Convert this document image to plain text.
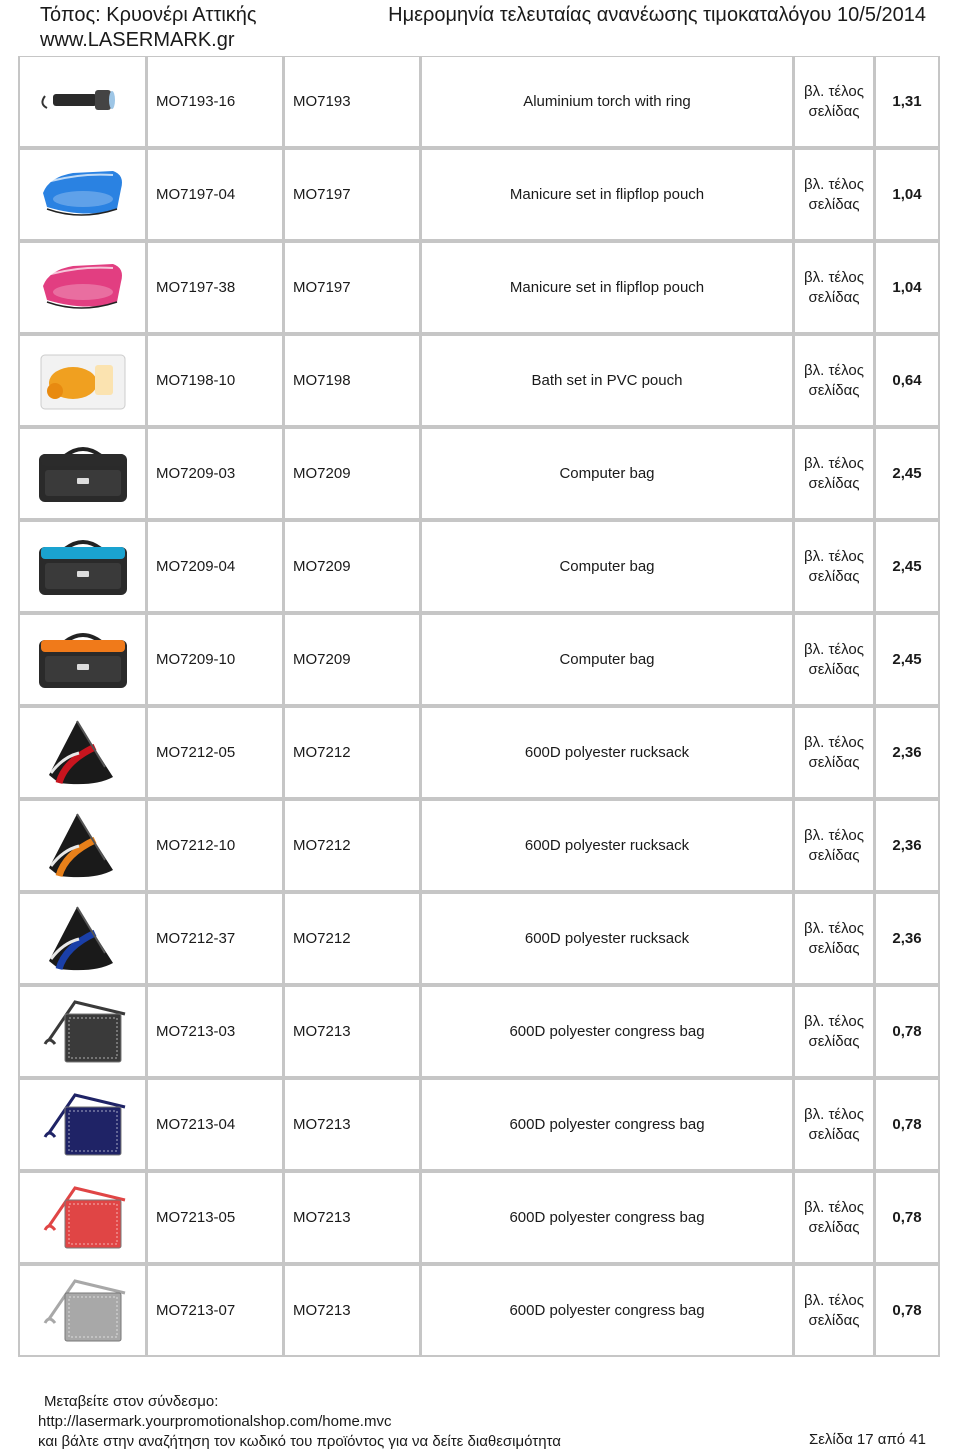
Τόπος: Κρυονέρι Αττικής
www.LASERMARK.gr
Ημερομηνία τελευταίας ανανέωσης τιμοκαταλόγου 10/5/2014
	MO7193-16	MO7193	Aluminium torch with ring	βλ. τέλος
σελίδας	1,31

	MO7197-04	MO7197	Manicure set in flipflop pouch	βλ. τέλος
σελίδας	1,04

	MO7197-38	MO7197	Manicure set in flipflop pouch	βλ. τέλος
σελίδας	1,04

	MO7198-10	MO7198	Bath set in PVC pouch	βλ. τέλος
σελίδας	0,64

	MO7209-03	MO7209	Computer bag	βλ. τέλος
σελίδας	2,45

	MO7209-04	MO7209	Computer bag	βλ. τέλος
σελίδας	2,45

	MO7209-10	MO7209	Computer bag	βλ. τέλος
σελίδας	2,45

	MO7212-05	MO7212	600D polyester rucksack	βλ. τέλος
σελίδας	2,36

	MO7212-10	MO7212	600D polyester rucksack	βλ. τέλος
σελίδας	2,36

	MO7212-37	MO7212	600D polyester rucksack	βλ. τέλος
σελίδας	2,36

	MO7213-03	MO7213	600D polyester congress bag	βλ. τέλος
σελίδας	0,78

	MO7213-04	MO7213	600D polyester congress bag	βλ. τέλος
σελίδας	0,78

	MO7213-05	MO7213	600D polyester congress bag	βλ. τέλος
σελίδας	0,78

	MO7213-07	MO7213	600D polyester congress bag	βλ. τέλος
σελίδας	0,78
Μεταβείτε στον σύνδεσμο:
http://lasermark.yourpromotionalshop.com/home.mvc
και βάλτε στην αναζήτηση τον κωδικό του προϊόντος για να δείτε διαθεσιμότητα	Σελίδα 17 από 41
